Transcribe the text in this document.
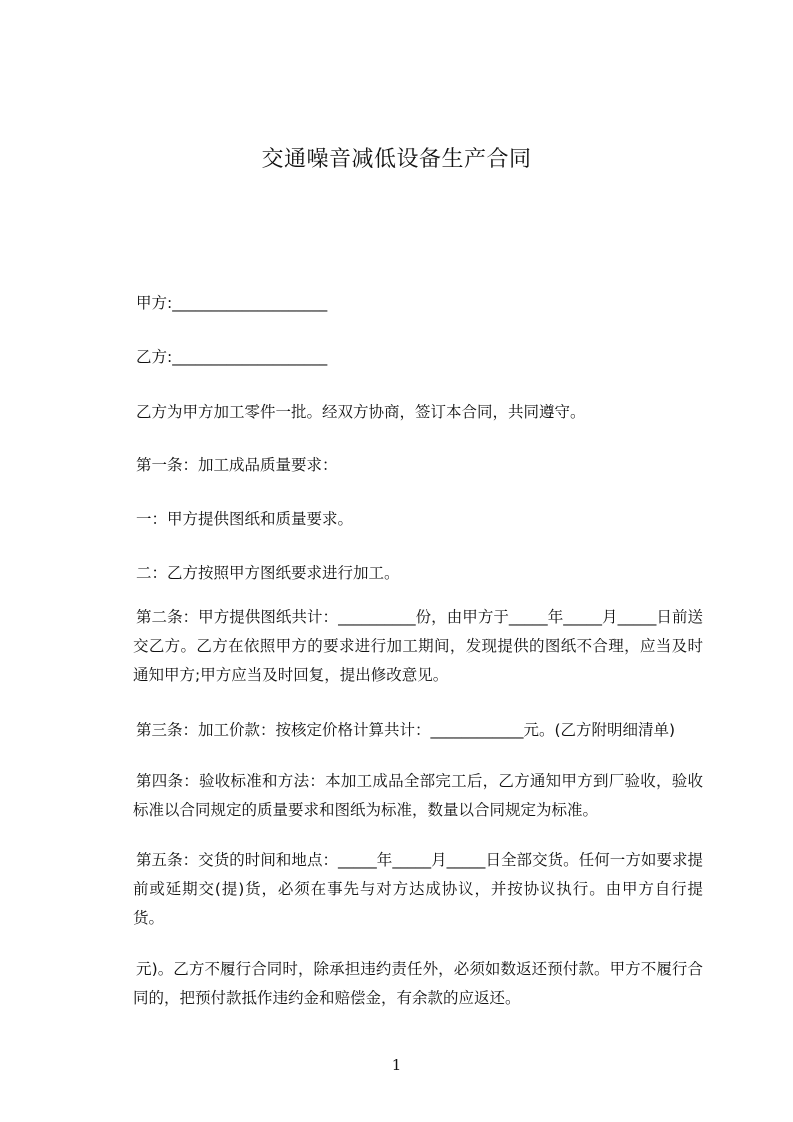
交通噪音减低设备生产合同
甲方:____________________
乙方:____________________
乙方为甲方加工零件一批。经双方协商，签订本合同，共同遵守。
第一条：加工成品质量要求：
一：甲方提供图纸和质量要求。
二：乙方按照甲方图纸要求进行加工。
第二条：甲方提供图纸共计：__________份，由甲方于_____年_____月_____日前送交乙方。乙方在依照甲方的要求进行加工期间，发现提供的图纸不合理，应当及时通知甲方;甲方应当及时回复，提出修改意见。
第三条：加工价款：按核定价格计算共计：____________元。(乙方附明细清单)
第四条：验收标准和方法：本加工成品全部完工后，乙方通知甲方到厂验收，验收标准以合同规定的质量要求和图纸为标准，数量以合同规定为标准。
第五条：交货的时间和地点：_____年_____月_____日全部交货。任何一方如要求提前或延期交(提)货，必须在事先与对方达成协议，并按协议执行。由甲方自行提货。
元)。乙方不履行合同时，除承担违约责任外，必须如数返还预付款。甲方不履行合同的，把预付款抵作违约金和赔偿金，有余款的应返还。
1
